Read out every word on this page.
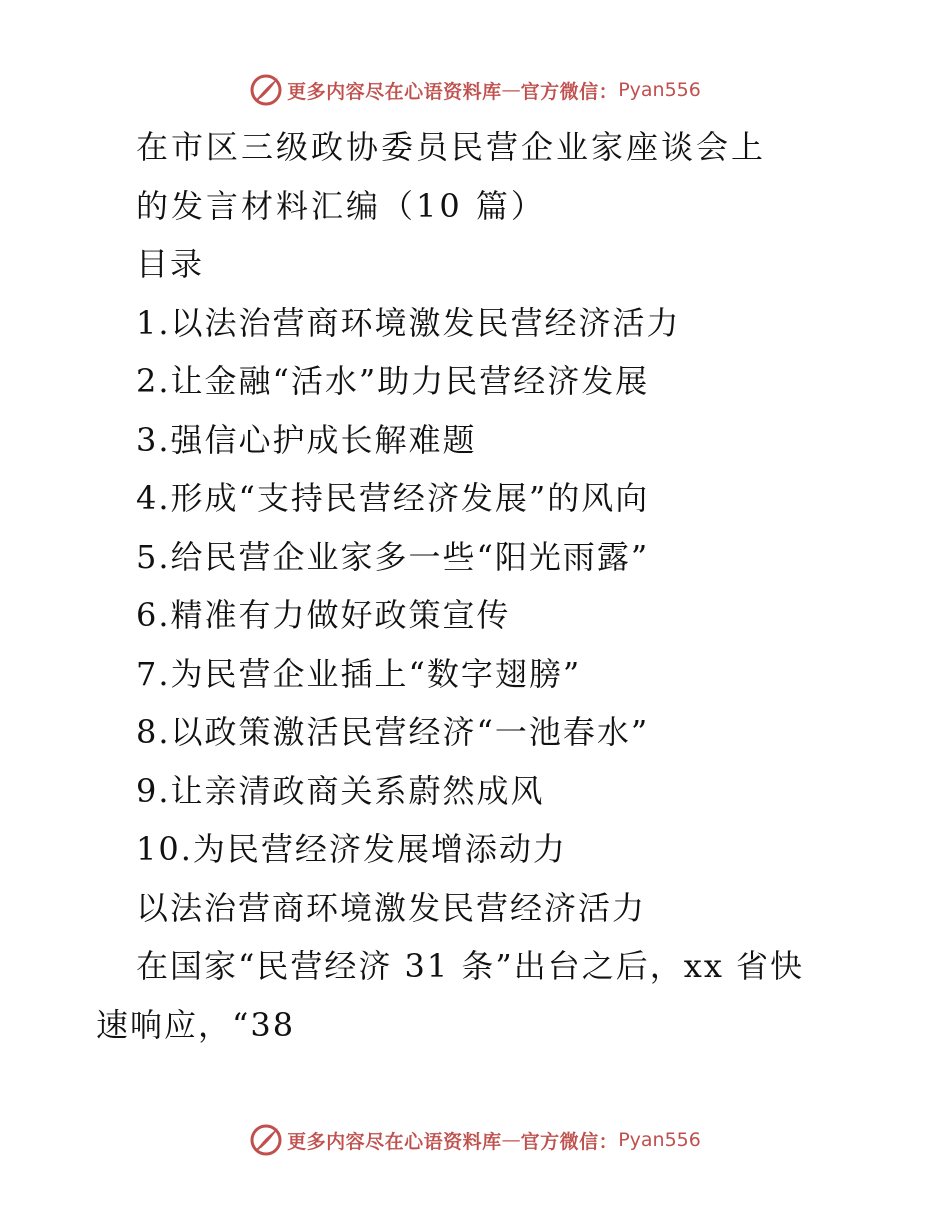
更多内容尽在心语资料库 — 官方微信： Pyan556
在市区三级政协委员民营企业家座谈会上
的发言材料汇编（10 篇）
目录
1.以法治营商环境激发民营经济活力
2.让金融“活水”助力民营经济发展
3.强信心护成长解难题
4.形成“支持民营经济发展”的风向
5.给民营企业家多一些“阳光雨露”
6.精准有力做好政策宣传
7.为民营企业插上“数字翅膀”
8.以政策激活民营经济“一池春水”
9.让亲清政商关系蔚然成风
10.为民营经济发展增添动力
以法治营商环境激发民营经济活力
在国家“民营经济 31 条”出台之后，xx 省快
速响应，“38
更多内容尽在心语资料库 — 官方微信： Pyan556
